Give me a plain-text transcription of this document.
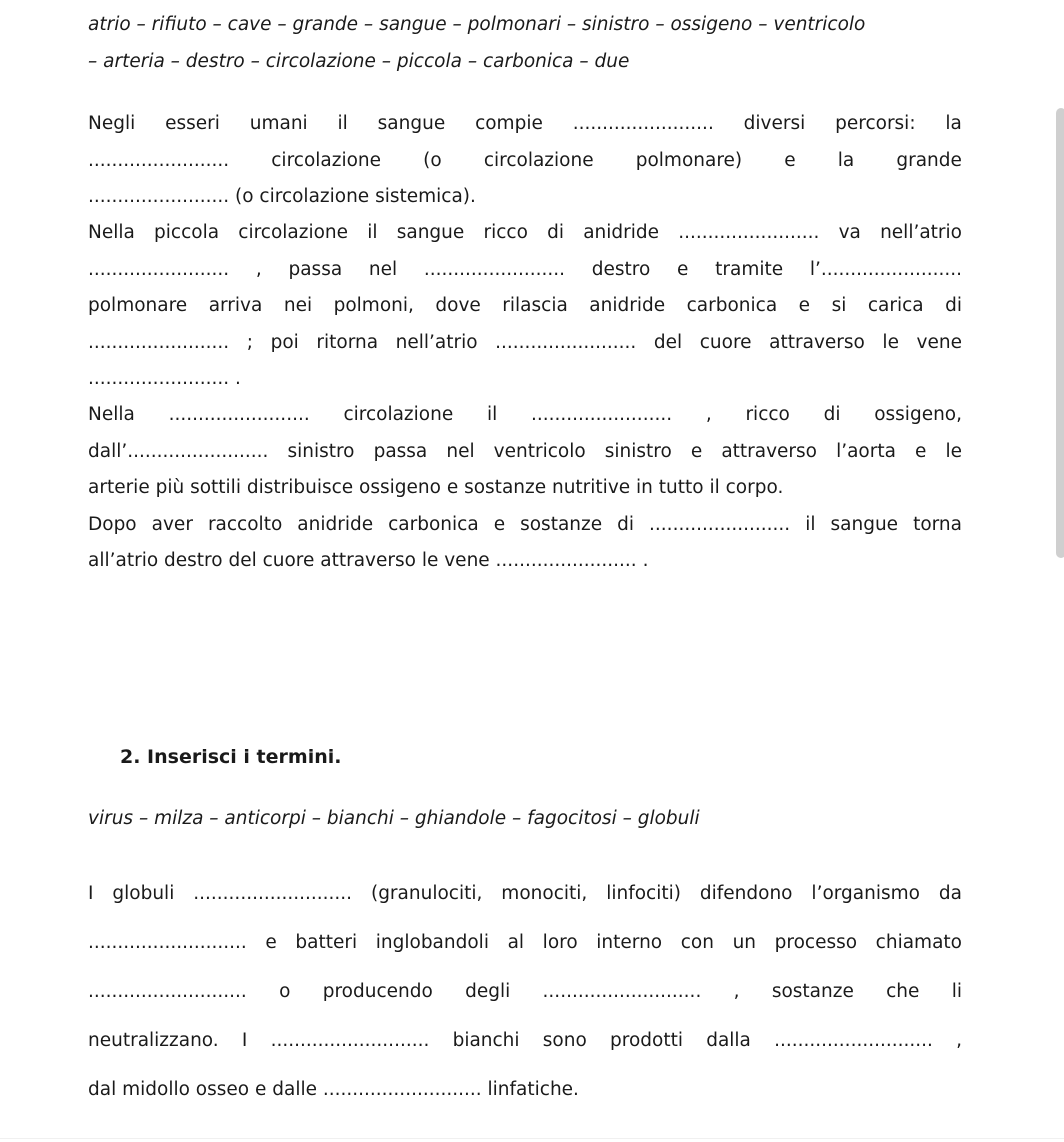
atrio – rifiuto – cave – grande – sangue – polmonari – sinistro – ossigeno – ventricolo
– arteria – destro – circolazione – piccola – carbonica – due
Negli esseri umani il sangue compie ........................ diversi percorsi: la
........................ circolazione (o circolazione polmonare) e la grande
........................ (o circolazione sistemica).
Nella piccola circolazione il sangue ricco di anidride ........................ va nell’atrio
........................ , passa nel ........................ destro e tramite l’........................
polmonare arriva nei polmoni, dove rilascia anidride carbonica e si carica di
........................ ; poi ritorna nell’atrio ........................ del cuore attraverso le vene
........................ .
Nella ........................ circolazione il ........................ , ricco di ossigeno,
dall’........................ sinistro passa nel ventricolo sinistro e attraverso l’aorta e le
arterie più sottili distribuisce ossigeno e sostanze nutritive in tutto il corpo.
Dopo aver raccolto anidride carbonica e sostanze di ........................ il sangue torna
all’atrio destro del cuore attraverso le vene ........................ .
2. Inserisci i termini.
virus – milza – anticorpi – bianchi – ghiandole – fagocitosi – globuli
I globuli ........................... (granulociti, monociti, linfociti) difendono l’organismo da
........................... e batteri inglobandoli al loro interno con un processo chiamato
........................... o producendo degli ........................... , sostanze che li
neutralizzano. I ........................... bianchi sono prodotti dalla ........................... ,
dal midollo osseo e dalle ........................... linfatiche.
